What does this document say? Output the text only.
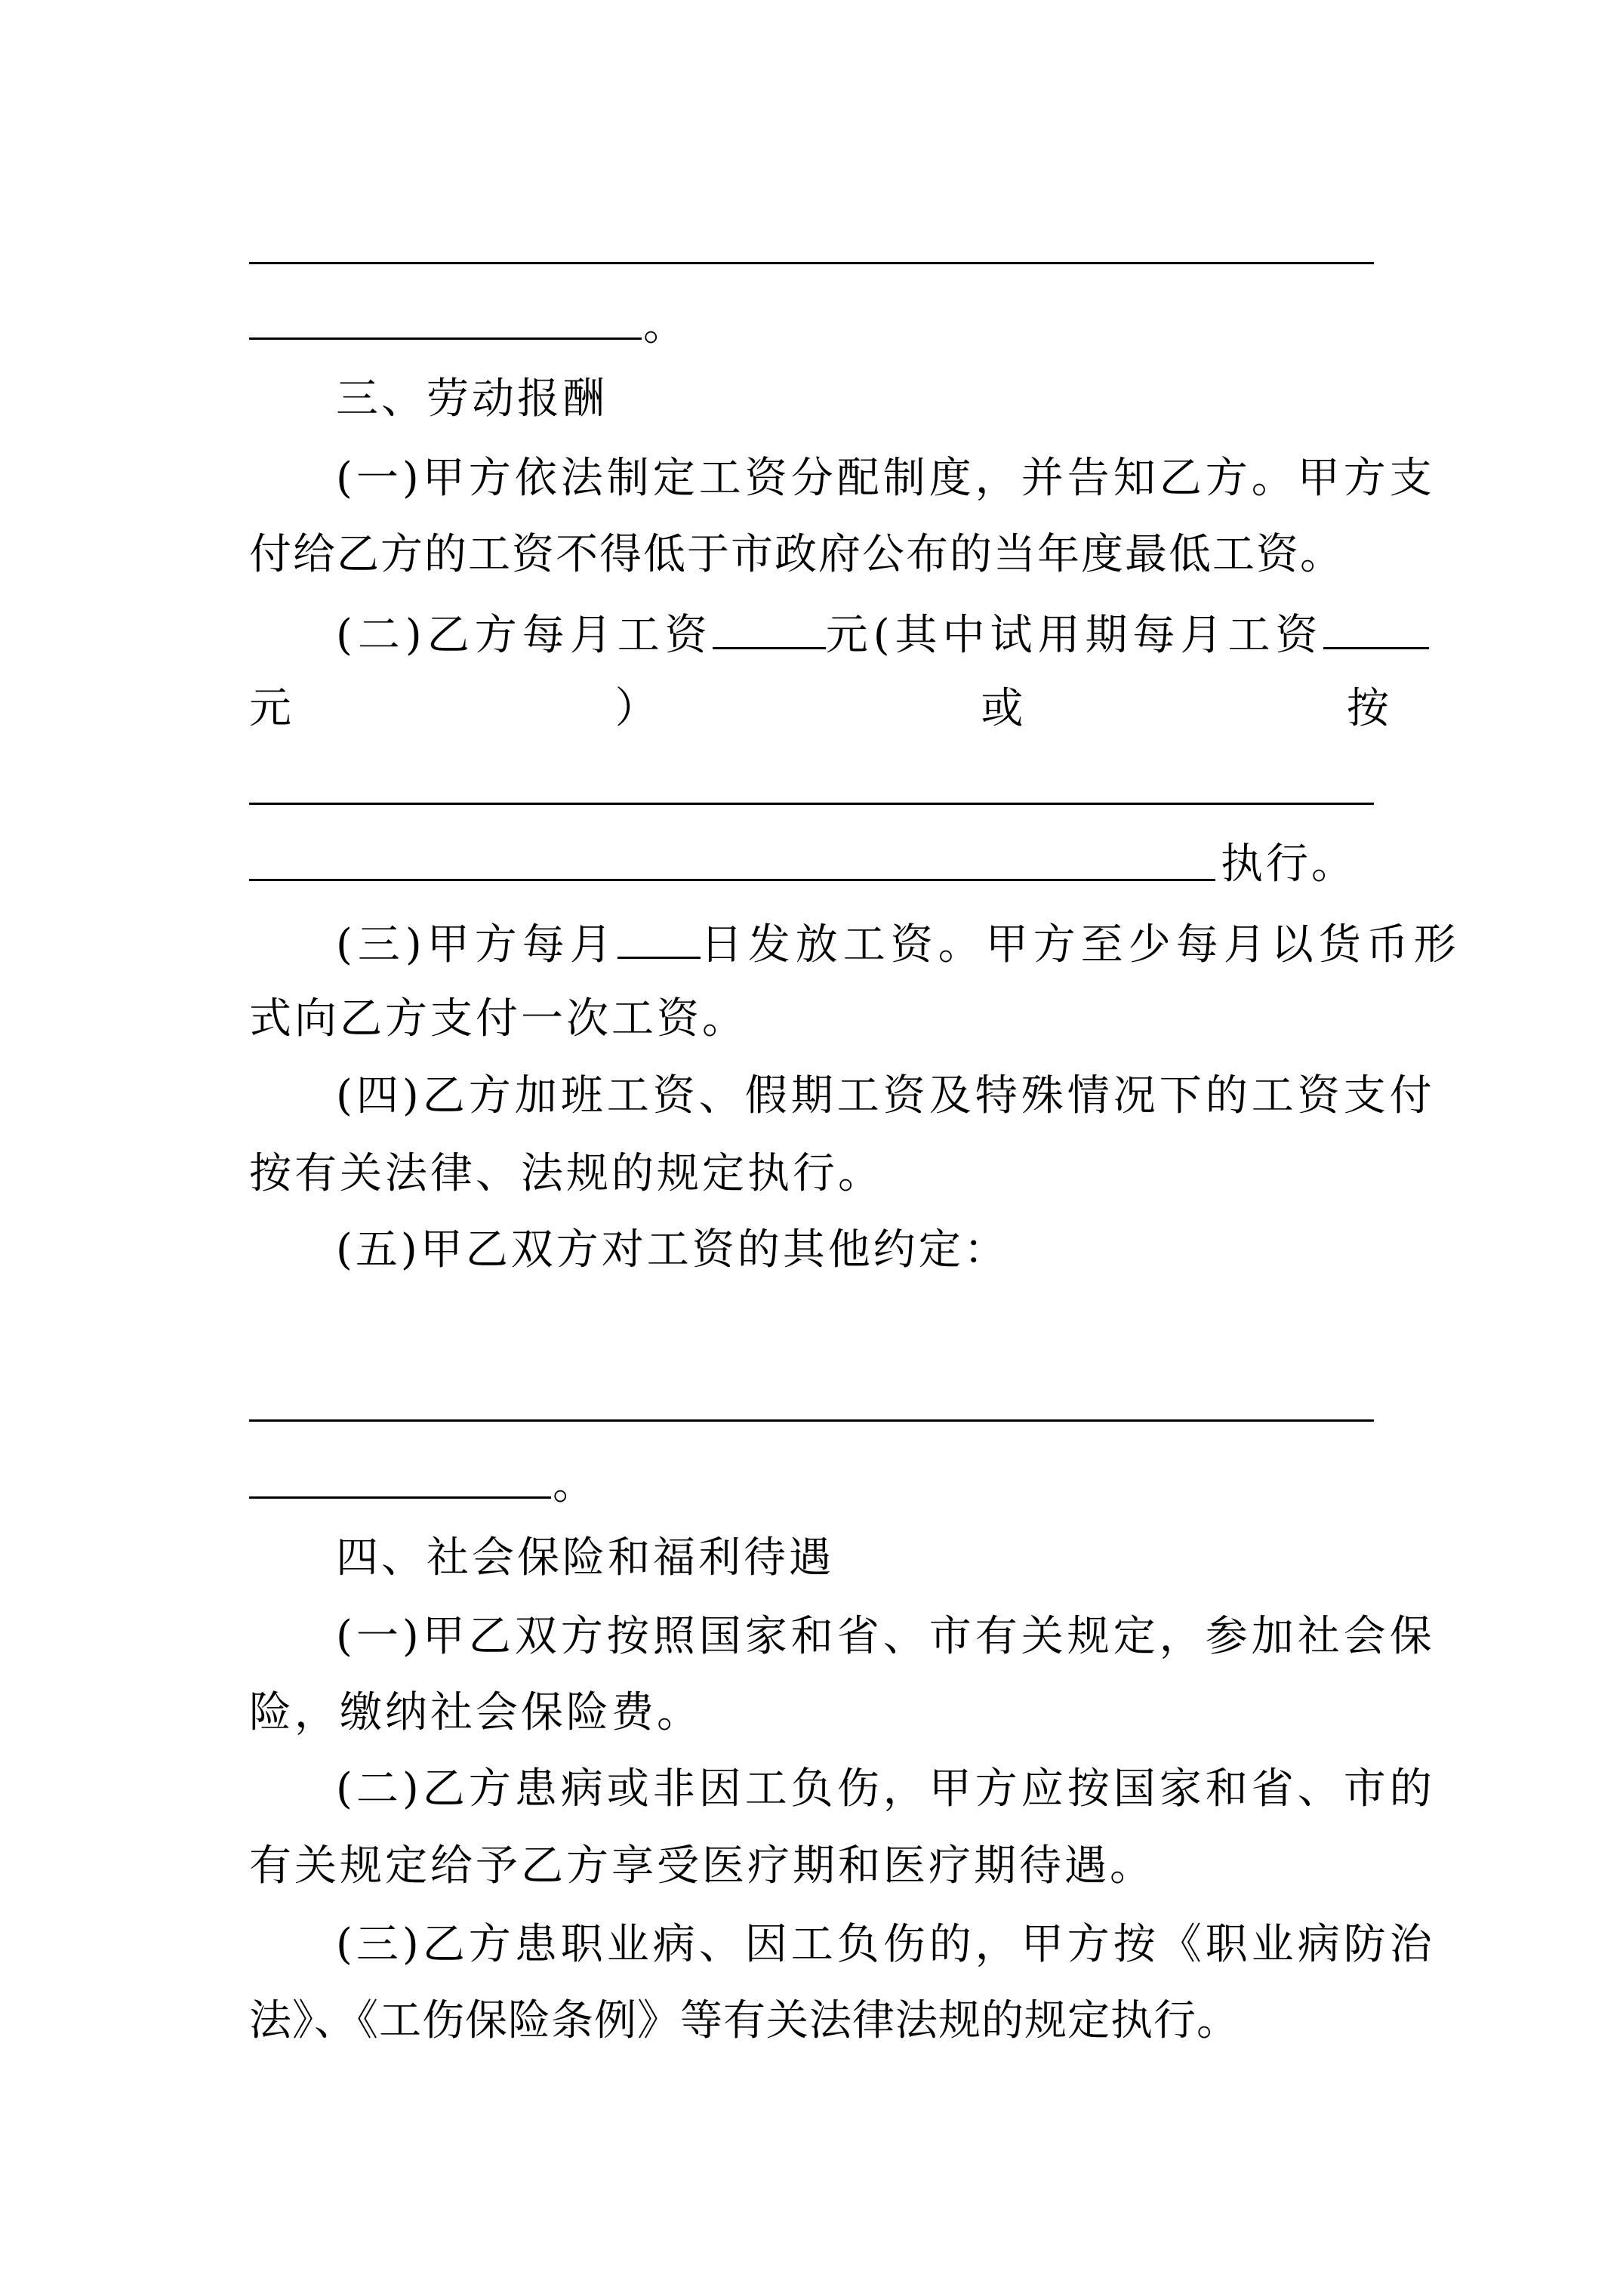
。
三、劳动报酬
(一)甲方依法制定工资分配制度，并告知乙方。甲方支
付给乙方的工资不得低于市政府公布的当年度最低工资。
(二)乙方每月工资	元(其中试用期每月工资
元	）	或	按
执行。
(三)甲方每月 日发放工资。甲方至少每月以货币形
式向乙方支付一次工资。
(四)乙方加班工资、假期工资及特殊情况下的工资支付
按有关法律、法规的规定执行。
(五)甲乙双方对工资的其他约定：
。
四、社会保险和福利待遇
(一)甲乙双方按照国家和省、市有关规定，参加社会保
险，缴纳社会保险费。
(二)乙方患病或非因工负伤，甲方应按国家和省、市的
有关规定给予乙方享受医疗期和医疗期待遇。
(三)乙方患职业病、因工负伤的，甲方按《职业病防治
法》、《工伤保险条例》等有关法律法规的规定执行。
